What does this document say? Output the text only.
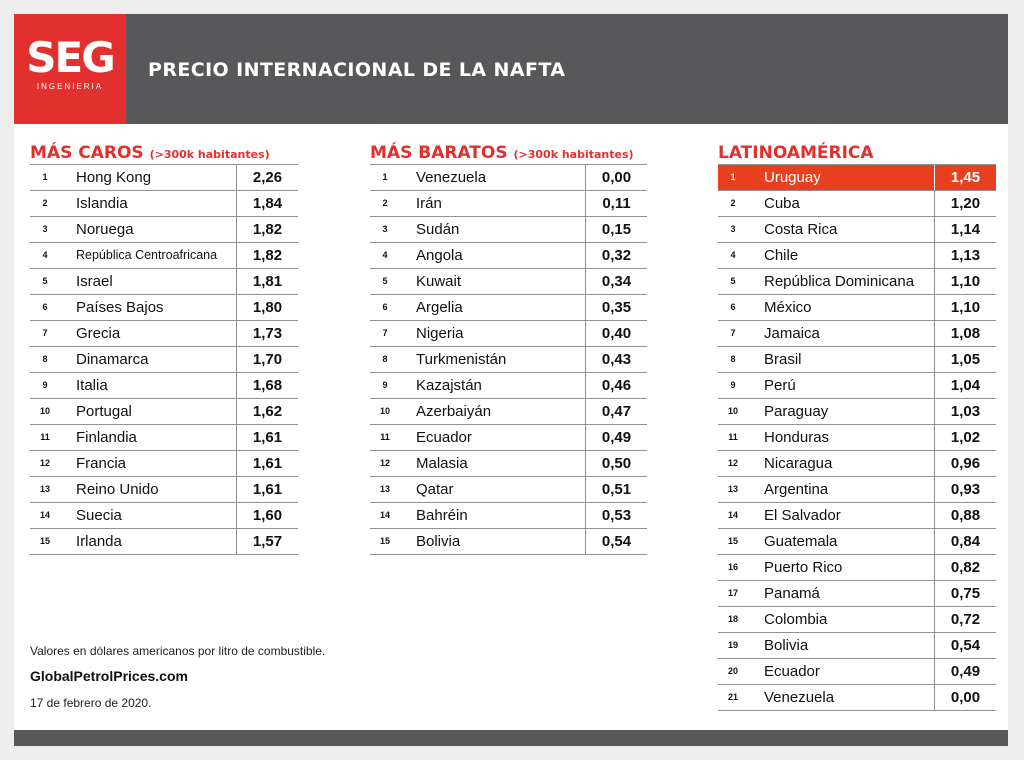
SEG
INGENIERIA
PRECIO INTERNACIONAL DE LA NAFTA
MÁS CAROS (>300k habitantes)
1	Hong Kong	2,26
2	Islandia	1,84
3	Noruega	1,82
4	República Centroafricana	1,82
5	Israel	1,81
6	Países Bajos	1,80
7	Grecia	1,73
8	Dinamarca	1,70
9	Italia	1,68
10	Portugal	1,62
11	Finlandia	1,61
12	Francia	1,61
13	Reino Unido	1,61
14	Suecia	1,60
15	Irlanda	1,57
MÁS BARATOS (>300k habitantes)
1	Venezuela	0,00
2	Irán	0,11
3	Sudán	0,15
4	Angola	0,32
5	Kuwait	0,34
6	Argelia	0,35
7	Nigeria	0,40
8	Turkmenistán	0,43
9	Kazajstán	0,46
10	Azerbaiyán	0,47
11	Ecuador	0,49
12	Malasia	0,50
13	Qatar	0,51
14	Bahréin	0,53
15	Bolivia	0,54
LATINOAMÉRICA
1	Uruguay	1,45
2	Cuba	1,20
3	Costa Rica	1,14
4	Chile	1,13
5	República Dominicana	1,10
6	México	1,10
7	Jamaica	1,08
8	Brasil	1,05
9	Perú	1,04
10	Paraguay	1,03
11	Honduras	1,02
12	Nicaragua	0,96
13	Argentina	0,93
14	El Salvador	0,88
15	Guatemala	0,84
16	Puerto Rico	0,82
17	Panamá	0,75
18	Colombia	0,72
19	Bolivia	0,54
20	Ecuador	0,49
21	Venezuela	0,00
Valores en dólares americanos por litro de combustible.
GlobalPetrolPrices.com
17 de febrero de 2020.
